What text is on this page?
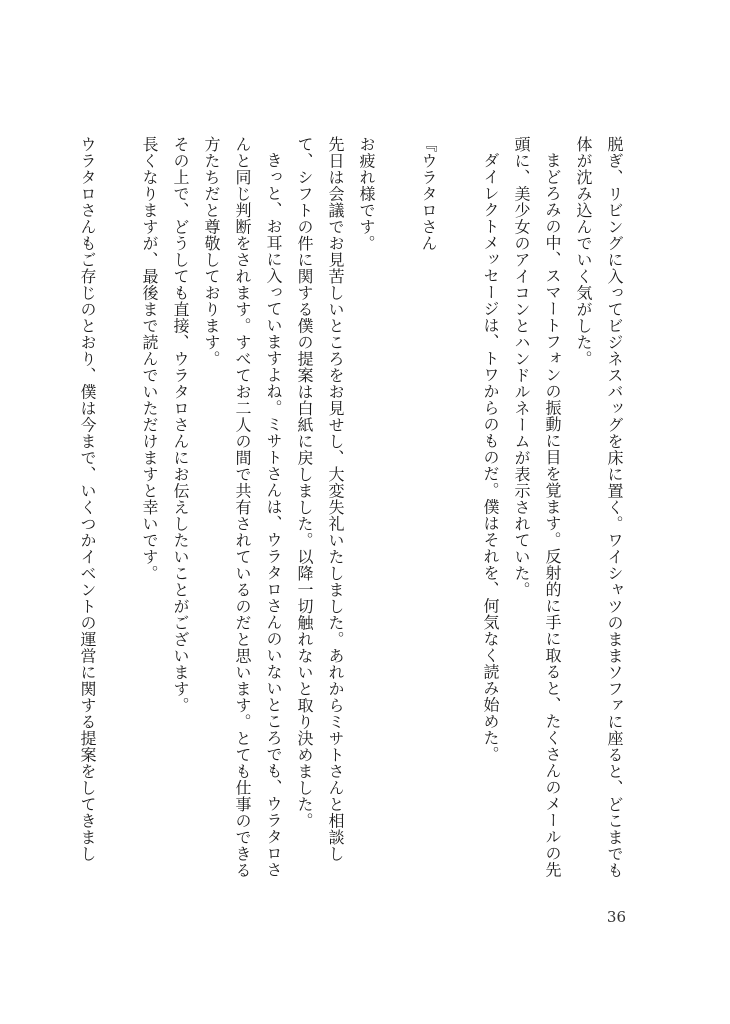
脱ぎ、リビングに入ってビジネスバッグを床に置く。ワイシャツのままソファに座ると、どこまでも
体が沈み込んでいく気がした。
まどろみの中、スマートフォンの振動に目を覚ます。反射的に手に取ると、たくさんのメールの先
頭に、美少女のアイコンとハンドルネームが表示されていた。
ダイレクトメッセージは、トワからのものだ。僕はそれを、何気なく読み始めた。
『ウラタロさん
お疲れ様です。
先日は会議でお見苦しいところをお見せし、大変失礼いたしました。あれからミサトさんと相談し
て、シフトの件に関する僕の提案は白紙に戻しました。以降一切触れないと取り決めました。
きっと、お耳に入っていますよね。ミサトさんは、ウラタロさんのいないところでも、ウラタロさ
んと同じ判断をされます。すべてお二人の間で共有されているのだと思います。とても仕事のできる
方たちだと尊敬しております。
その上で、どうしても直接、ウラタロさんにお伝えしたいことがございます。
長くなりますが、最後まで読んでいただけますと幸いです。
ウラタロさんもご存じのとおり、僕は今まで、いくつかイベントの運営に関する提案をしてきまし
36
